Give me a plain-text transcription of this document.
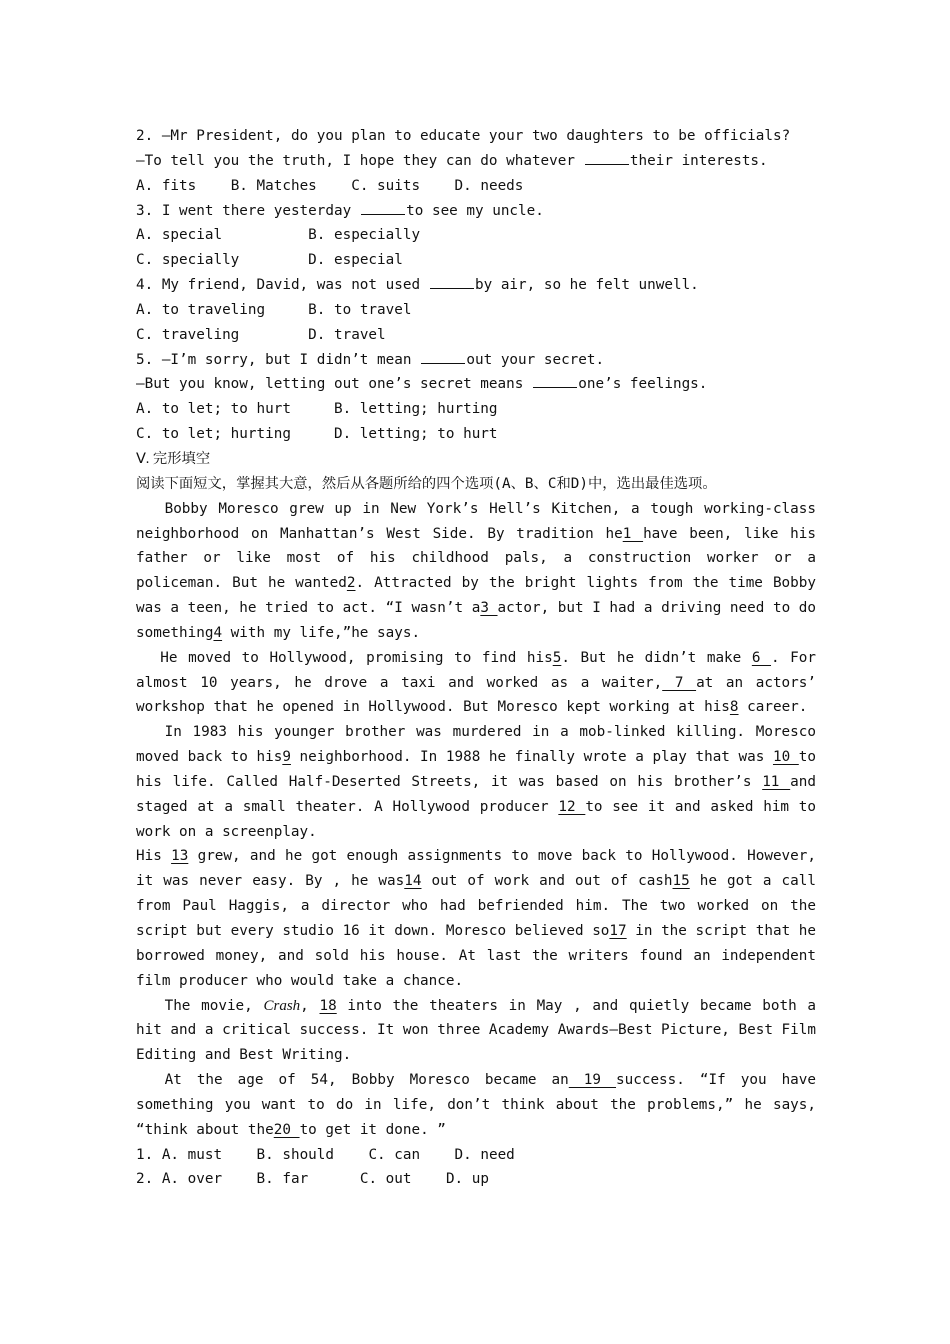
2. —Mr President, do you plan to educate your two daughters to be officials?
—To tell you the truth, I hope they can do whatever	their interests.
A. fits B. Matches C. suits D. needs
3. I went there yesterday	to see my uncle.
A. special	B. especially
C. specially	D. especial
4. My friend, David, was not used	by air, so he felt unwell.
A. to traveling	B. to travel
C. traveling	D. travel
5. —I’m sorry, but I didn’t mean	out your secret.
—But you know, letting out one’s secret means	one’s feelings.
A. to let; to hurt	B. letting; hurting
C. to let; hurting	D. letting; to hurt
Ⅴ. 完形填空
阅读下面短文，掌握其大意，然后从各题所给的四个选项(A、B、C和D)中，选出最佳选项。
Bobby Moresco grew up in New York’s Hell’s Kitchen, a tough working-class neighborhood on Manhattan’s West Side. By tradition he1 have been, like his father or like most of his childhood pals, a construction worker or a policeman. But he wanted2. Attracted by the bright lights from the time Bobby was a teen, he tried to act. “I wasn’t a3 actor, but I had a driving need to do something4 with my life,”he says.
He moved to Hollywood, promising to find his5. But he didn’t make 6 . For almost 10 years, he drove a taxi and worked as a waiter, 7 at an actors’ workshop that he opened in Hollywood. But Moresco kept working at his8 career.
In 1983 his younger brother was murdered in a mob-linked killing. Moresco moved back to his9 neighborhood. In 1988 he finally wrote a play that was 10 to his life. Called Half-Deserted Streets, it was based on his brother’s 11 and staged at a small theater. A Hollywood producer 12 to see it and asked him to work on a screenplay.
His 13 grew, and he got enough assignments to move back to Hollywood. However, it was never easy. By , he was14 out of work and out of cash15 he got a call from Paul Haggis, a director who had befriended him. The two worked on the script but every studio 16 it down. Moresco believed so17 in the script that he borrowed money, and sold his house. At last the writers found an independent film producer who would take a chance.
The movie, Crash, 18 into the theaters in May , and quietly became both a hit and a critical success. It won three Academy Awards—Best Picture, Best Film Editing and Best Writing.
At the age of 54, Bobby Moresco became an 19 success. “If you have something you want to do in life, don’t think about the problems,” he says, “think about the20 to get it done. ”
1. A. must B. should C. can D. need
2. A. over B. far	C. out D. up
